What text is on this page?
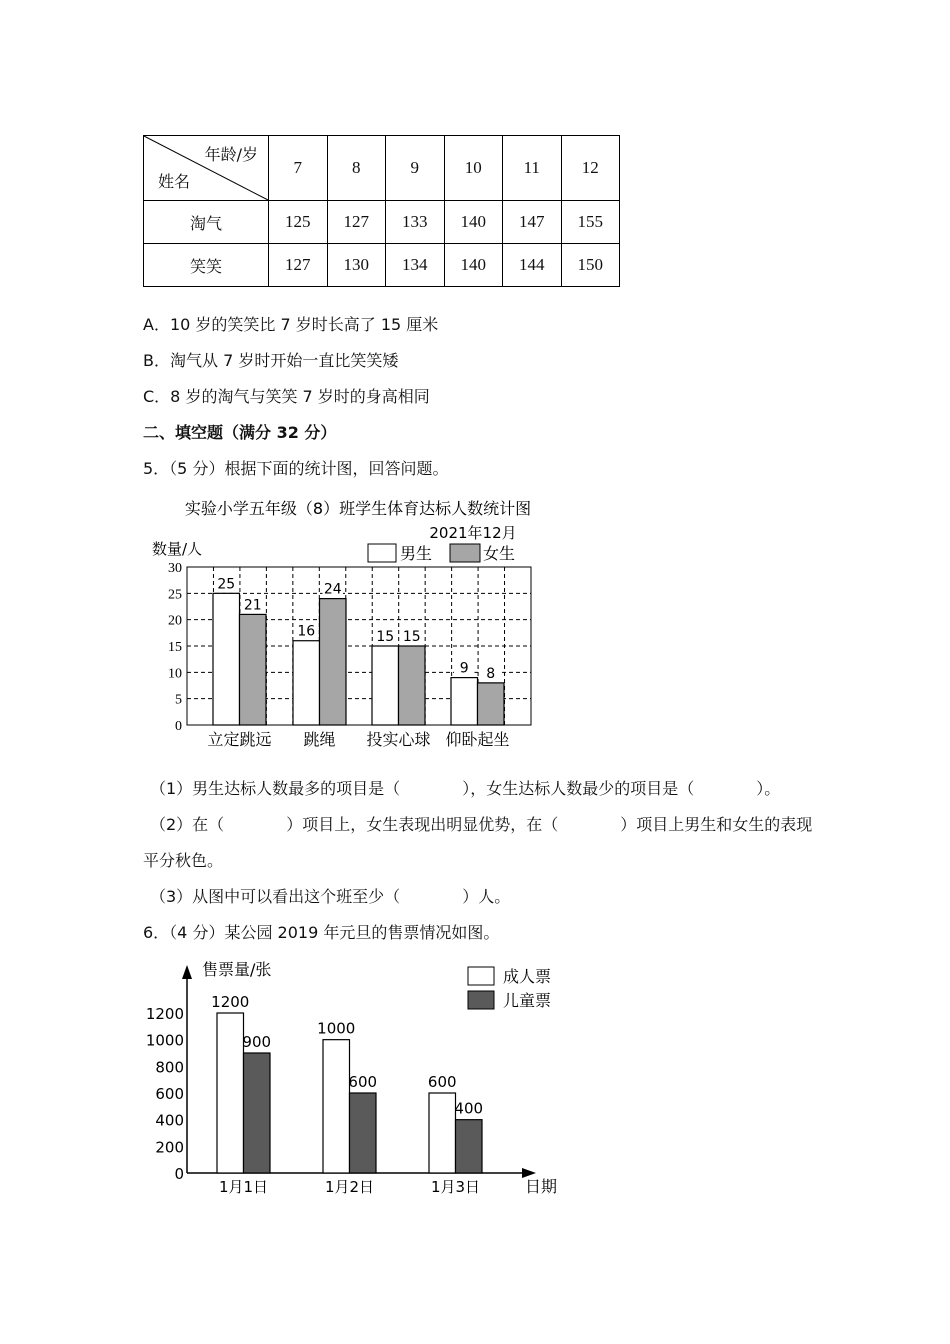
年龄/岁
姓名	7	8	9	10	11	12
淘气	125	127	133	140	147	155
笑笑	127	130	134	140	144	150
A．10 岁的笑笑比 7 岁时长高了 15 厘米
B．淘气从 7 岁时开始一直比笑笑矮
C．8 岁的淘气与笑笑 7 岁时的身高相同
二、填空题（满分 32 分）
5．（5 分）根据下面的统计图，回答问题。
实验小学五年级（8）班学生体育达标人数统计图
2021年12月
数量/人	男生	女生
0
5
10
15
20
25
30
25
21
16
24
15 15
9 8
立定跳远 跳绳 投实心球 仰卧起坐
（1）男生达标人数最多的项目是（	），女生达标人数最少的项目是（	）。
（2）在（	）项目上，女生表现出明显优势，在（	）项目上男生和女生的表现
平分秋色。
（3）从图中可以看出这个班至少（	）人。
6．（4 分）某公园 2019 年元旦的售票情况如图。
售票量/张	成人票
儿童票
日期
0
200
400
600
800
1000
1200
1200
900
1000
600	600
400
1月1日	1月2日	1月3日
